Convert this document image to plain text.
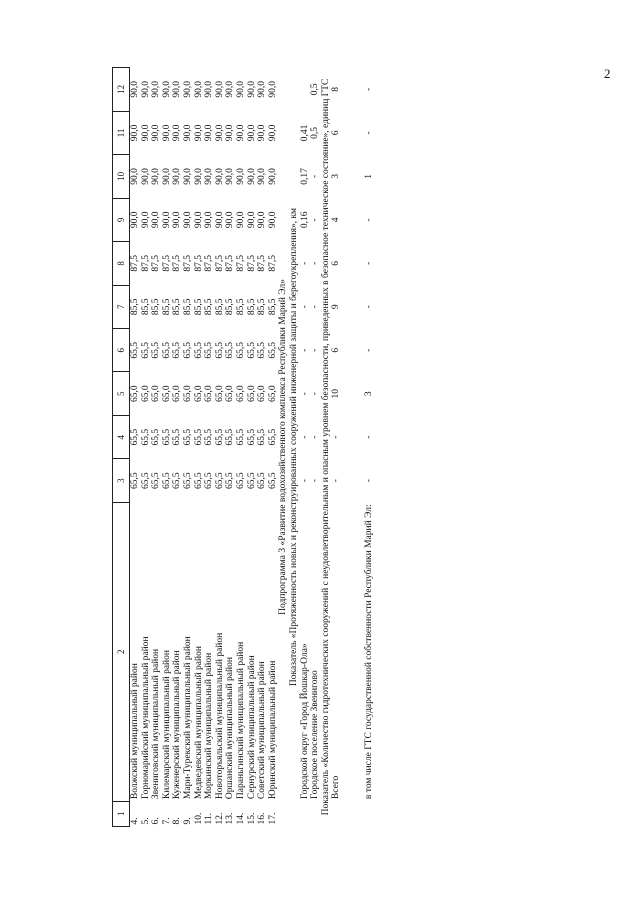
2
1	2	3	4	5	6	7	8	9	10	11	12
4.	Волжский муниципальный район	65,5	65,5	65,0	65,5	85,5	87,5	90,0	90,0	90,0	90,0
5.	Горномарийский муниципальный район	65,5	65,5	65,0	65,5	85,5	87,5	90,0	90,0	90,0	90,0
6.	Звениговский муниципальный район	65,5	65,5	65,0	65,5	85,5	87,5	90,0	90,0	90,0	90,0
7.	Килемарский муниципальный район	65,5	65,5	65,0	65,5	85,5	87,5	90,0	90,0	90,0	90,0
8.	Куженерский муниципальный район	65,5	65,5	65,0	65,5	85,5	87,5	90,0	90,0	90,0	90,0
9.	Мари-Турекский муниципальный район	65,5	65,5	65,0	65,5	85,5	87,5	90,0	90,0	90,0	90,0
10.	Медведевский муниципальный район	65,5	65,5	65,0	65,5	85,5	87,5	90,0	90,0	90,0	90,0
11.	Моркинский муниципальный район	65,5	65,5	65,0	65,5	85,5	87,5	90,0	90,0	90,0	90,0
12.	Новоторъяльский муниципальный район	65,5	65,5	65,0	65,5	85,5	87,5	90,0	90,0	90,0	90,0
13.	Оршанский муниципальный район	65,5	65,5	65,0	65,5	85,5	87,5	90,0	90,0	90,0	90,0
14.	Параньгинский муниципальный район	65,5	65,5	65,0	65,5	85,5	87,5	90,0	90,0	90,0	90,0
15.	Сернурский муниципальный район	65,5	65,5	65,0	65,5	85,5	87,5	90,0	90,0	90,0	90,0
16.	Советский муниципальный район	65,5	65,5	65,0	65,5	85,5	87,5	90,0	90,0	90,0	90,0
17.	Юринский муниципальный район	65,5	65,5	65,0	65,5	85,5	87,5	90,0	90,0	90,0	90,0
Подпрограмма 3 «Развитие водохозяйственного комплекса Республики Марий Эл»											
Показатель «Протяженность новых и реконструированных сооружений инженерной защиты и берегоукрепления», км											
	Городской округ «Город Йошкар-Ола»	-	-	-	-	-	-	0,16	0,17	0,41	
	Городское поселение Звенигово	-	-	-	-	-	-	-	-	0,5	0,5
Показатель «Количество гидротехнических сооружений с неудовлетворительным и опасным уровнем безопасности, приведенных в безопасное техническое состояние», единиц ГТС											
	Всего	-	-	10	6	9	6	4	3	6	8

	в том числе ГТС государственной собственности Республики Марий Эл:	-	-	3	-	-	-	-	1	-	-
